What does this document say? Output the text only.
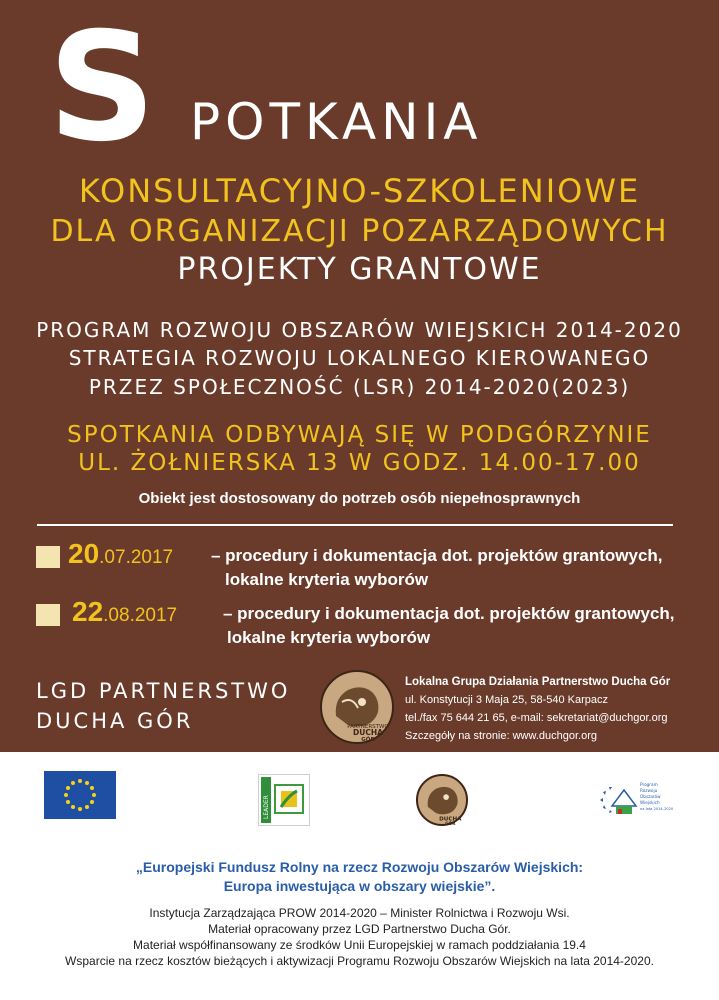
S POTKANIA
KONSULTACYJNO-SZKOLENIOWE
DLA ORGANIZACJI POZARZĄDOWYCH
PROJEKTY GRANTOWE
PROGRAM ROZWOJU OBSZARÓW WIEJSKICH 2014-2020
STRATEGIA ROZWOJU LOKALNEGO KIEROWANEGO
PRZEZ SPOŁECZNOŚĆ (LSR) 2014-2020(2023)
SPOTKANIA ODBYWAJĄ SIĘ W PODGÓRZYNIE
UL. ŻOŁNIERSKA 13 W GODZ. 14.00-17.00
Obiekt jest dostosowany do potrzeb osób niepełnosprawnych
20.07.2017 – procedury i dokumentacja dot. projektów grantowych,
lokalne kryteria wyborów
22.08.2017	– procedury i dokumentacja dot. projektów grantowych,
lokalne kryteria wyborów
LGD PARTNERSTWO
DUCHA GÓR	PARTNERSTWO
DUCHA
GÓR
Lokalna Grupa Działania Partnerstwo Ducha Gór
ul. Konstytucji 3 Maja 25, 58-540 Karpacz
tel./fax 75 644 21 65, e-mail: sekretariat@duchgor.org
Szczegóły na stronie: www.duchgor.org
LEADER
DUCHA
GÓR
Program
Rozwoju
Obszarów
Wiejskich
na lata 2014-2020
„Europejski Fundusz Rolny na rzecz Rozwoju Obszarów Wiejskich:
Europa inwestująca w obszary wiejskie”.
Instytucja Zarządzająca PROW 2014-2020 – Minister Rolnictwa i Rozwoju Wsi.
Materiał opracowany przez LGD Partnerstwo Ducha Gór.
Materiał współfinansowany ze środków Unii Europejskiej w ramach poddziałania 19.4
Wsparcie na rzecz kosztów bieżących i aktywizacji Programu Rozwoju Obszarów Wiejskich na lata 2014-2020.
